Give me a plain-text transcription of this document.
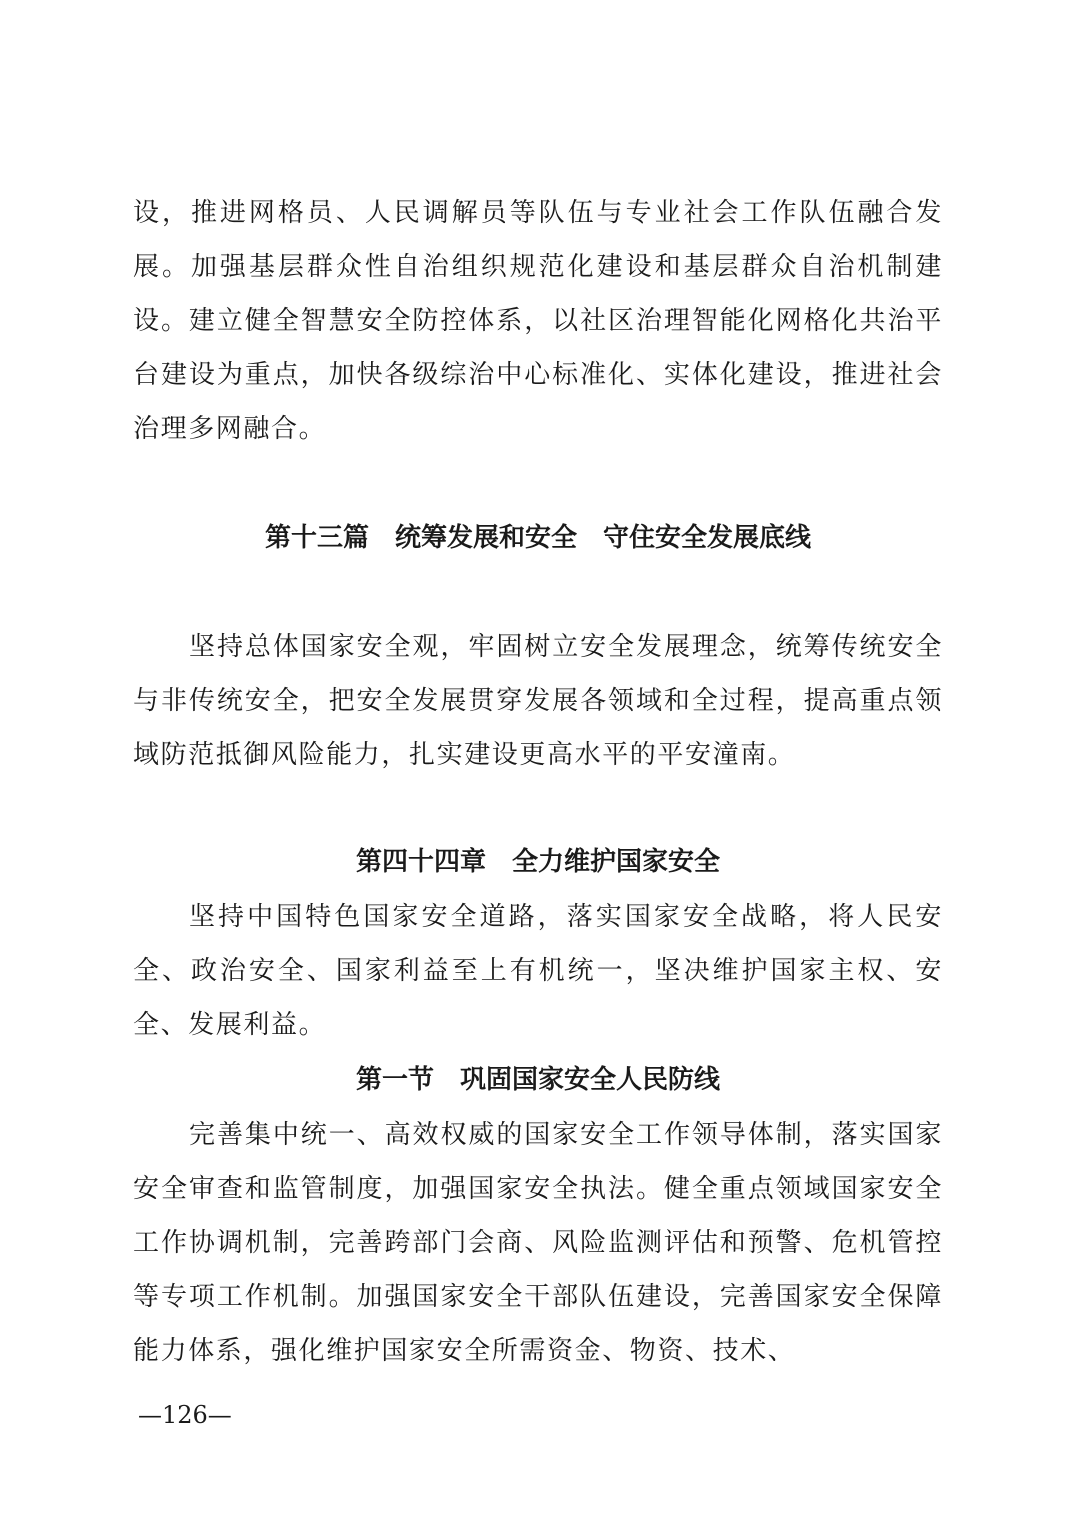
设，推进网格员、人民调解员等队伍与专业社会工作队伍融合发展。加强基层群众性自治组织规范化建设和基层群众自治机制建设。建立健全智慧安全防控体系，以社区治理智能化网格化共治平台建设为重点，加快各级综治中心标准化、实体化建设，推进社会治理多网融合。

第十三篇　统筹发展和安全　守住安全发展底线

坚持总体国家安全观，牢固树立安全发展理念，统筹传统安全与非传统安全，把安全发展贯穿发展各领域和全过程，提高重点领域防范抵御风险能力，扎实建设更高水平的平安潼南。

第四十四章　全力维护国家安全

坚持中国特色国家安全道路，落实国家安全战略，将人民安全、政治安全、国家利益至上有机统一，坚决维护国家主权、安全、发展利益。

第一节　巩固国家安全人民防线

完善集中统一、高效权威的国家安全工作领导体制，落实国家安全审查和监管制度，加强国家安全执法。健全重点领域国家安全工作协调机制，完善跨部门会商、风险监测评估和预警、危机管控等专项工作机制。加强国家安全干部队伍建设，完善国家安全保障能力体系，强化维护国家安全所需资金、物资、技术、

—126—
